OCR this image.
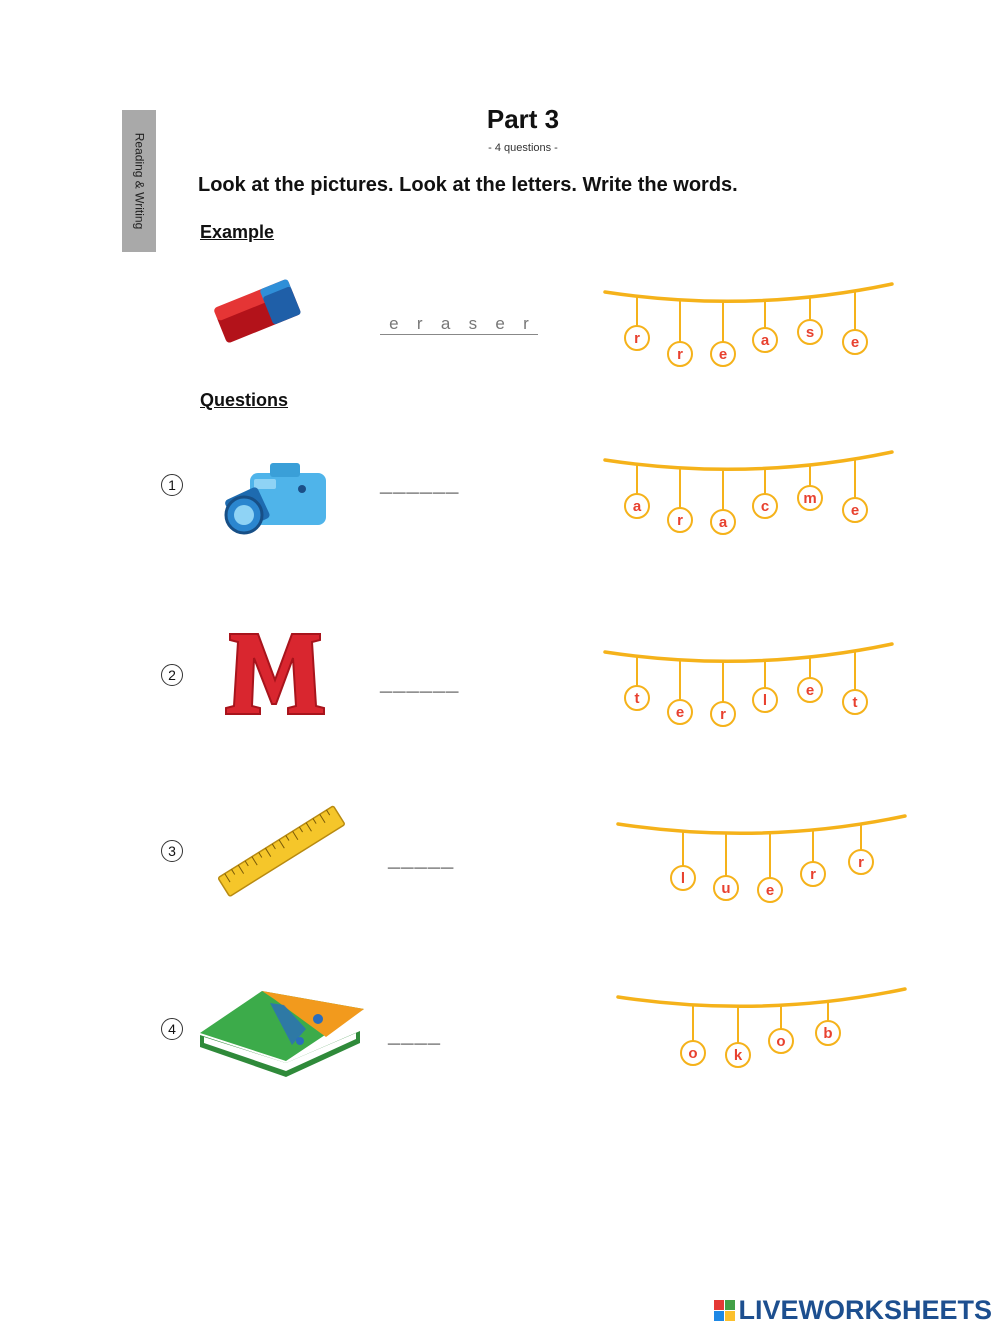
Reading & Writing
Part 3
- 4 questions -
Look at the pictures. Look at the letters. Write the words.
Example
Questions
e r a s e r
r
r e
a s
e
1	______
a
r a
c m
e
2	______
t
e r
l
e
t
3	_____
l
u e
r
r
4	____
o k
o	b
LIVEWORKSHEETS
